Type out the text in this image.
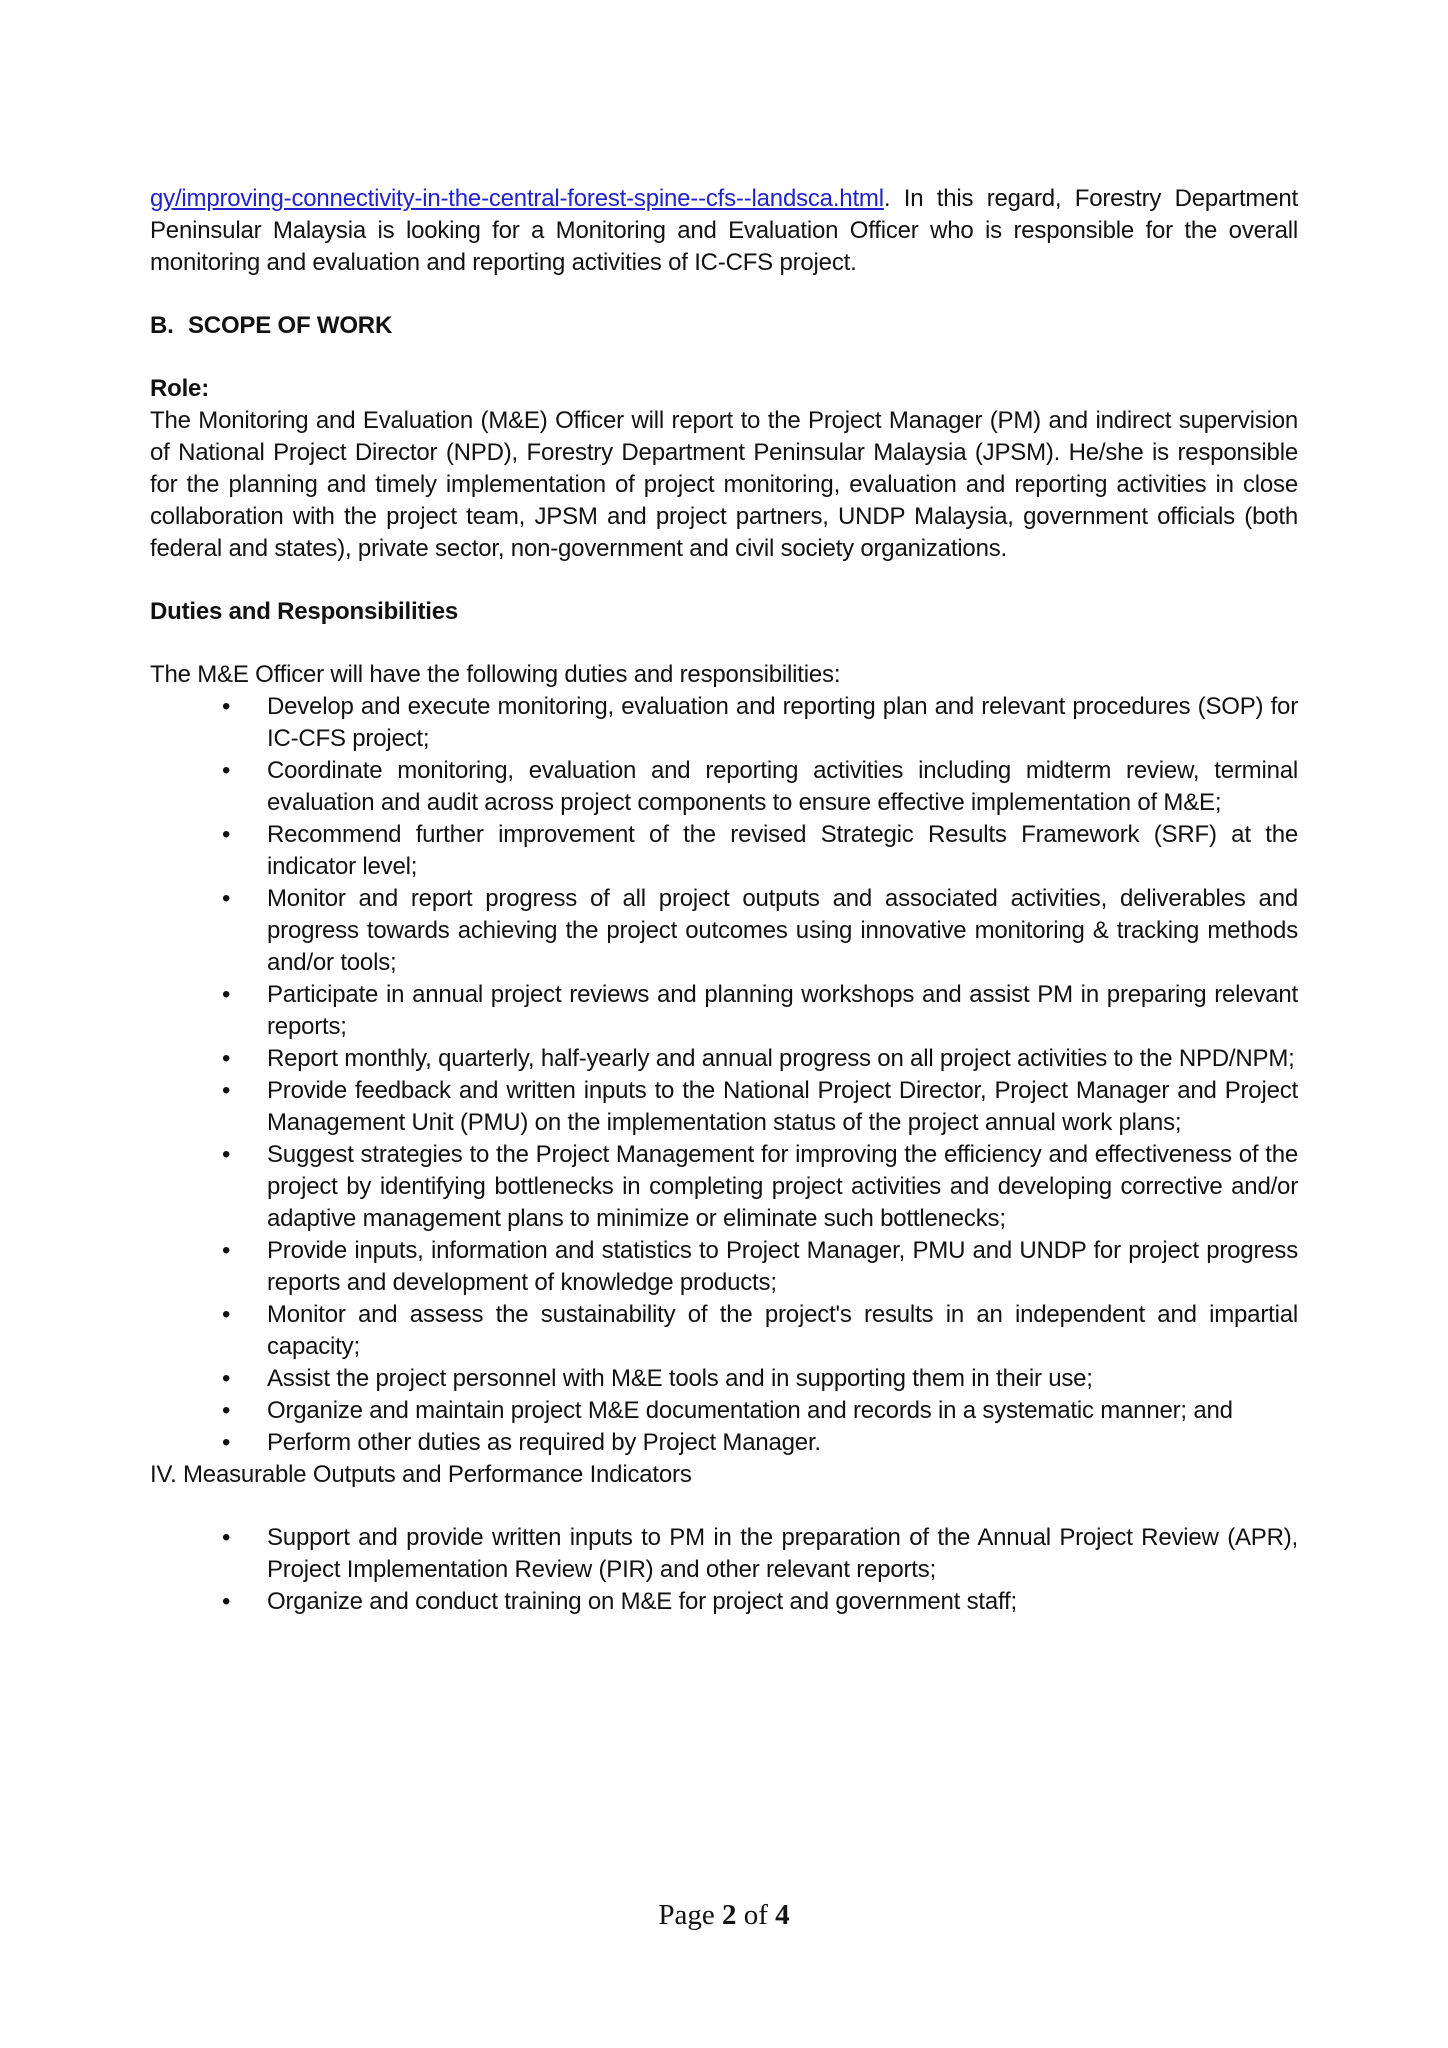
gy/improving-connectivity-in-the-central-forest-spine--cfs--landsca.html. In this regard, Forestry Department Peninsular Malaysia is looking for a Monitoring and Evaluation Officer who is responsible for the overall monitoring and evaluation and reporting activities of IC-CFS project.

B. SCOPE OF WORK

Role:

The Monitoring and Evaluation (M&E) Officer will report to the Project Manager (PM) and indirect supervision of National Project Director (NPD), Forestry Department Peninsular Malaysia (JPSM). He/she is responsible for the planning and timely implementation of project monitoring, evaluation and reporting activities in close collaboration with the project team, JPSM and project partners, UNDP Malaysia, government officials (both federal and states), private sector, non-government and civil society organizations.

Duties and Responsibilities

The M&E Officer will have the following duties and responsibilities:

• Develop and execute monitoring, evaluation and reporting plan and relevant procedures (SOP) for IC-CFS project;
• Coordinate monitoring, evaluation and reporting activities including midterm review, terminal evaluation and audit across project components to ensure effective implementation of M&E;
• Recommend further improvement of the revised Strategic Results Framework (SRF) at the indicator level;
• Monitor and report progress of all project outputs and associated activities, deliverables and progress towards achieving the project outcomes using innovative monitoring & tracking methods and/or tools;
• Participate in annual project reviews and planning workshops and assist PM in preparing relevant reports;
• Report monthly, quarterly, half-yearly and annual progress on all project activities to the NPD/NPM;
• Provide feedback and written inputs to the National Project Director, Project Manager and Project Management Unit (PMU) on the implementation status of the project annual work plans;
• Suggest strategies to the Project Management for improving the efficiency and effectiveness of the project by identifying bottlenecks in completing project activities and developing corrective and/or adaptive management plans to minimize or eliminate such bottlenecks;
• Provide inputs, information and statistics to Project Manager, PMU and UNDP for project progress reports and development of knowledge products;
• Monitor and assess the sustainability of the project's results in an independent and impartial capacity;
• Assist the project personnel with M&E tools and in supporting them in their use;
• Organize and maintain project M&E documentation and records in a systematic manner; and
• Perform other duties as required by Project Manager.

IV. Measurable Outputs and Performance Indicators

• Support and provide written inputs to PM in the preparation of the Annual Project Review (APR), Project Implementation Review (PIR) and other relevant reports;
• Organize and conduct training on M&E for project and government staff;
Page 2 of 4
